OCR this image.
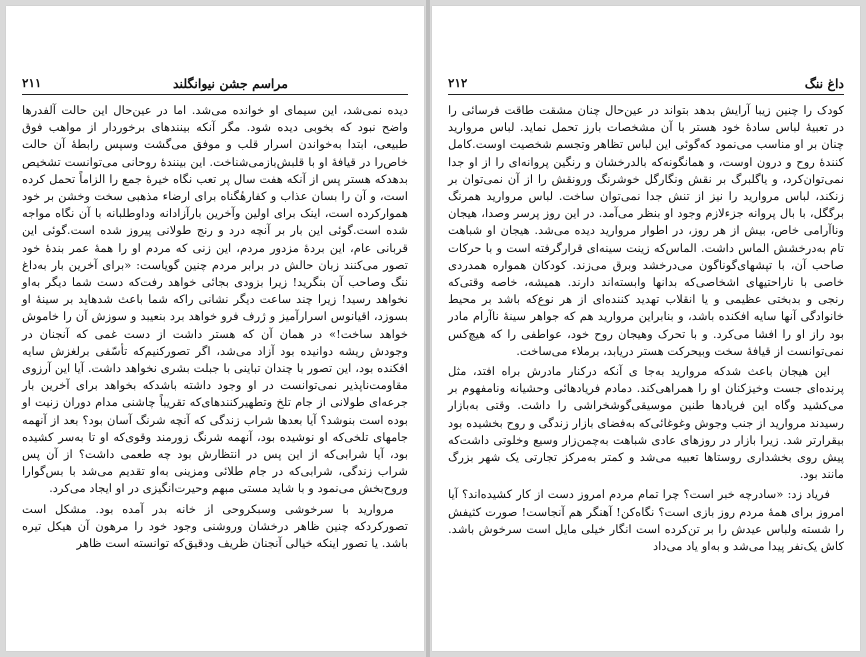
مراسم جشن نیوانگلند
۲۱۱

دیده نمی‌شد، این سیمای او خوانده می‌شد. اما در عین‌حال این حالت آلفدرها واضح نبود که بخوبی دیده شود. مگر آنکه بینندهای برخوردار از مواهب فوق طبیعی، ابتدا به‌خواندن اسرار قلب و موفق می‌گشت وسپس رابطهٔ آن حالت خاص‌را در قیافهٔ او با قلبش‌بازمی‌شناخت. این بینندهٔ روحانی می‌توانست تشخیص بدهدکه هستر پس از آنکه هفت سال پر تعب نگاه خیرهٔ جمع را الزاماً تحمل کرده است، و آن را بسان عذاب و کفارهٔگناه برای ارضاء مذهبی سخت وخشن بر خود هموارکرده است، اینک برای اولین وآخرین بارآزادانه وداوطلبانه با آن نگاه مواجه شده است.گوئی این بار بر آنچه درد و رنج طولانی پیروز شده است.گوئی این قربانی عام، این بردهٔ مزدور مردم، این زنی که مردم او را همهٔ عمر بندهٔ خود تصور می‌کنند زبان حالش در برابر مردم چنین گویاست: «برای آخرین بار به‌داغ ننگ وصاحب آن بنگرید! زیرا بزودی بجائی خواهد رفت‌که دست شما دیگر به‌او نخواهد رسید! زیرا چند ساعت دیگر نشانی راکه شما باعث شدهاید بر سینهٔ او بسوزد، اقیانوس اسرارآمیز و ژرف فرو خواهد برد بنعیبد و سوزش آن را خاموش خواهد ساخت!» در همان آن که هستر داشت از دست غمی که آنجنان در وجودش ریشه دوانیده بود آزاد می‌شد، اگر تصورکنیم‌که تأسّفی برلغزش سایه افکنده بود، این تصور با چندان تباینی با جبلت بشری نخواهد داشت. آیا این آرزوی مقاومت‌ناپذیر نمی‌توانست در او وجود داشته باشدکه بخواهد برای آخرین بار جرعه‌ای طولانی از جام تلخ وتطهیرکنندهای‌که تقریباً چاشنی مدام دوران زنیت او بوده است بنوشد؟ آیا بعدها شراب زندگی که آنچه شرنگ آسان بود؟ بعد از آنهمه جامهای تلخی‌که او نوشیده بود، آنهمه شرنگ زورمند وقوی‌که او تا به‌سر کشیده بود، آیا شرابی‌که از این پس در انتظارش بود چه طعمی داشت؟ از آن پس شراب زندگی، شرابی‌که در جام طلائی ومزینی به‌او تقدیم می‌شد با بس‌گوارا وروح‌بخش می‌نمود و با شاید مستی مبهم وحیرت‌انگیزی در او ایجاد می‌کرد.

مروارید با سرخوشی وسبکروحی از خانه بدر آمده بود. مشکل است تصورکرد‌که چنین ظاهر درخشان وروشنی وجود خود را مرهون آن هیکل تیره باشد. یا تصور اینکه خیالی آنجنان ظریف ودقیق‌که توانسته است ظاهر

داغ ننگ
۲۱۲

کودک را چنین زیبا آرایش بدهد بتواند در عین‌حال چنان مشقت طاقت فرسائی را در تعبیهٔ لباس سادهٔ خود هستر با آن مشخصات بارز تحمل نماید. لباس مروارید چنان بر او مناسب می‌نمود که‌گوئی این لباس تظاهر وتجسم شخصیت اوست.کامل کنندهٔ روح و درون اوست، و همانگونه‌که بالدرخشان و رنگین پروانه‌ای را از او جدا نمی‌توان‌کرد، و یاگلبرگ بر نقش ونگارگل خوشرنگ ورونقش را از آن نمی‌توان بر زنکند، لباس مروارید را نیز از تنش جدا نمی‌توان ساخت. لباس مروارید همرنگ برگگل، با بال پروانه جزءلازم وجود او بنظر می‌آمد. در این روز پرسر وصدا، هیجان وناآرامی خاص، بیش از هر روز، در اطوار مروارید دیده می‌شد. هیجان او شباهت تام به‌درخشش الماس داشت. الماس‌که زینت سینه‌ای قرارگرفته است و با حرکات صاحب آن، با تپشهای‌گوناگون می‌درخشد وبرق می‌زند. کودکان همواره همدردی خاصی با ناراحتیهای اشخاصی‌که بدانها وابسته‌اند دارند. همیشه، خاصه وقتی‌که رنجی و بدبختی عظیمی و یا انقلاب تهدید کننده‌ای از هر نوع‌که باشد بر محیط خانوادگی آنها سایه افکنده باشد، و بنابراین مروارید هم که جواهر سینهٔ ناآرام مادر بود راز او را افشا می‌کرد. و با تحرک وهیجان روح خود، عواطفی را که هیچ‌کس نمی‌توانست از قیافهٔ سخت وبیحرکت هستر دریابد، برملاء می‌ساخت.

این هیجان باعث شد‌که مروارید به‌جا ی آنکه درکنار مادرش براه افتد، مثل پرنده‌ای جست وخیزکنان او را همراهی‌کند. دمادم فریادهائی وحشیانه ونامفهوم بر می‌کشید وگاه این فریادها طنین موسیقی‌گوشخراشی را داشت. وقتی به‌بازار رسیدند مروارید از جنب وجوش وغوغائی‌که به‌فضای بازار زندگی و روح بخشیده بود بیقرارتر شد. زیرا بازار در روزهای عادی شباهت به‌چمن‌زار وسیع وخلوتی داشت‌که پیش روی بخشداری روستاها تعبیه می‌شد و کمتر به‌مرکز تجارتی یک شهر بزرگ مانند بود.

فریاد زد: «سادر‌چه خبر است؟ چرا تمام مردم امروز دست از کار کشیده‌اند؟ آیا امروز برای همهٔ مردم روز بازی است؟ نگاه‌کن! آهنگر هم آنجاست! صورت کثیفش را شسته ولباس عیدش را بر تن‌کرده است انگار خیلی مایل است سرخوش باشد. کاش یک‌نفر پیدا می‌شد و به‌او یاد می‌داد
